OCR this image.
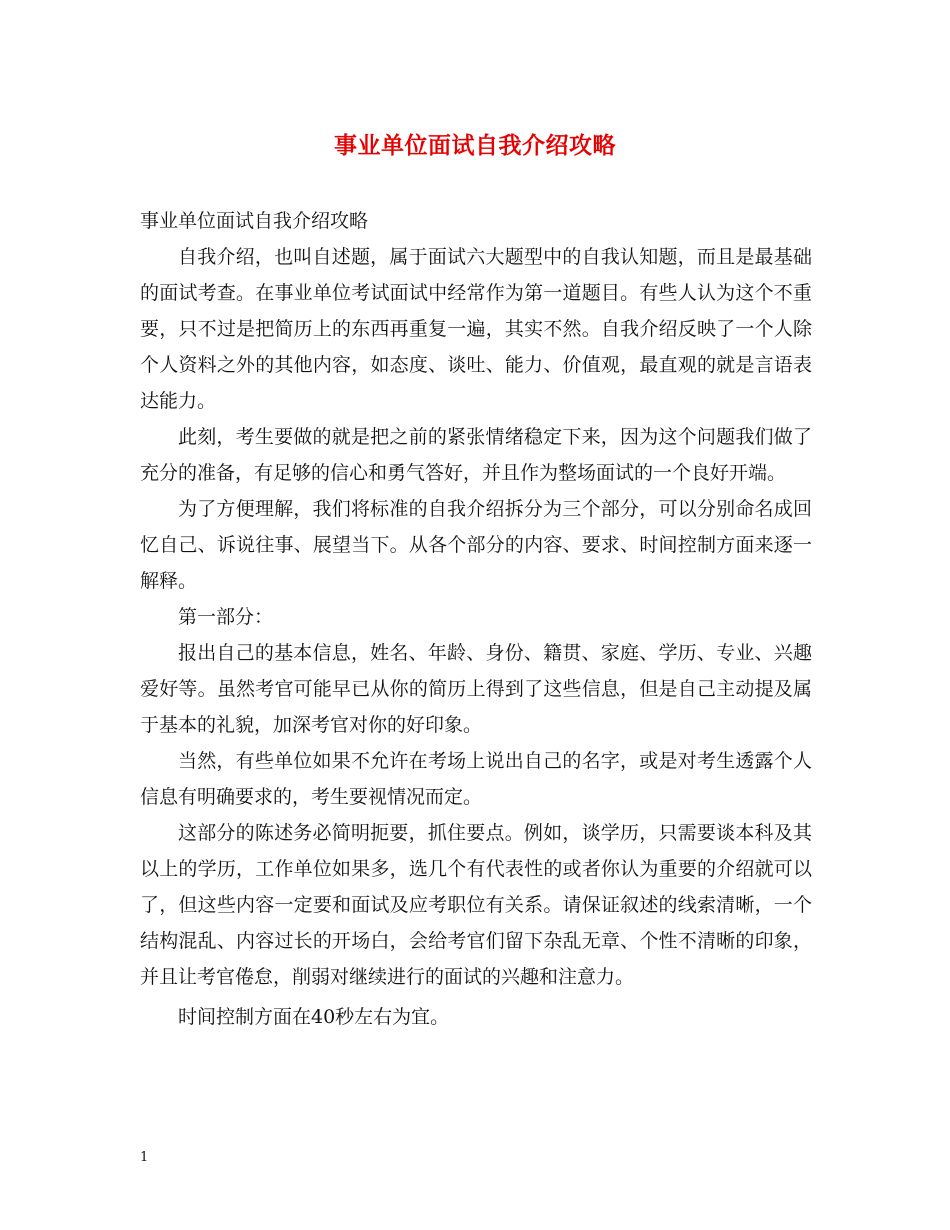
事业单位面试自我介绍攻略

事业单位面试自我介绍攻略

自我介绍，也叫自述题，属于面试六大题型中的自我认知题，而且是最基础的面试考查。在事业单位考试面试中经常作为第一道题目。有些人认为这个不重要，只不过是把简历上的东西再重复一遍，其实不然。自我介绍反映了一个人除个人资料之外的其他内容，如态度、谈吐、能力、价值观，最直观的就是言语表达能力。

此刻，考生要做的就是把之前的紧张情绪稳定下来，因为这个问题我们做了充分的准备，有足够的信心和勇气答好，并且作为整场面试的一个良好开端。

为了方便理解，我们将标准的自我介绍拆分为三个部分，可以分别命名成回忆自己、诉说往事、展望当下。从各个部分的内容、要求、时间控制方面来逐一解释。

第一部分：

报出自己的基本信息，姓名、年龄、身份、籍贯、家庭、学历、专业、兴趣爱好等。虽然考官可能早已从你的简历上得到了这些信息，但是自己主动提及属于基本的礼貌，加深考官对你的好印象。

当然，有些单位如果不允许在考场上说出自己的名字，或是对考生透露个人信息有明确要求的，考生要视情况而定。

这部分的陈述务必简明扼要，抓住要点。例如，谈学历，只需要谈本科及其以上的学历，工作单位如果多，选几个有代表性的或者你认为重要的介绍就可以了，但这些内容一定要和面试及应考职位有关系。请保证叙述的线索清晰，一个结构混乱、内容过长的开场白，会给考官们留下杂乱无章、个性不清晰的印象，并且让考官倦怠，削弱对继续进行的面试的兴趣和注意力。

时间控制方面在40秒左右为宜。

1
